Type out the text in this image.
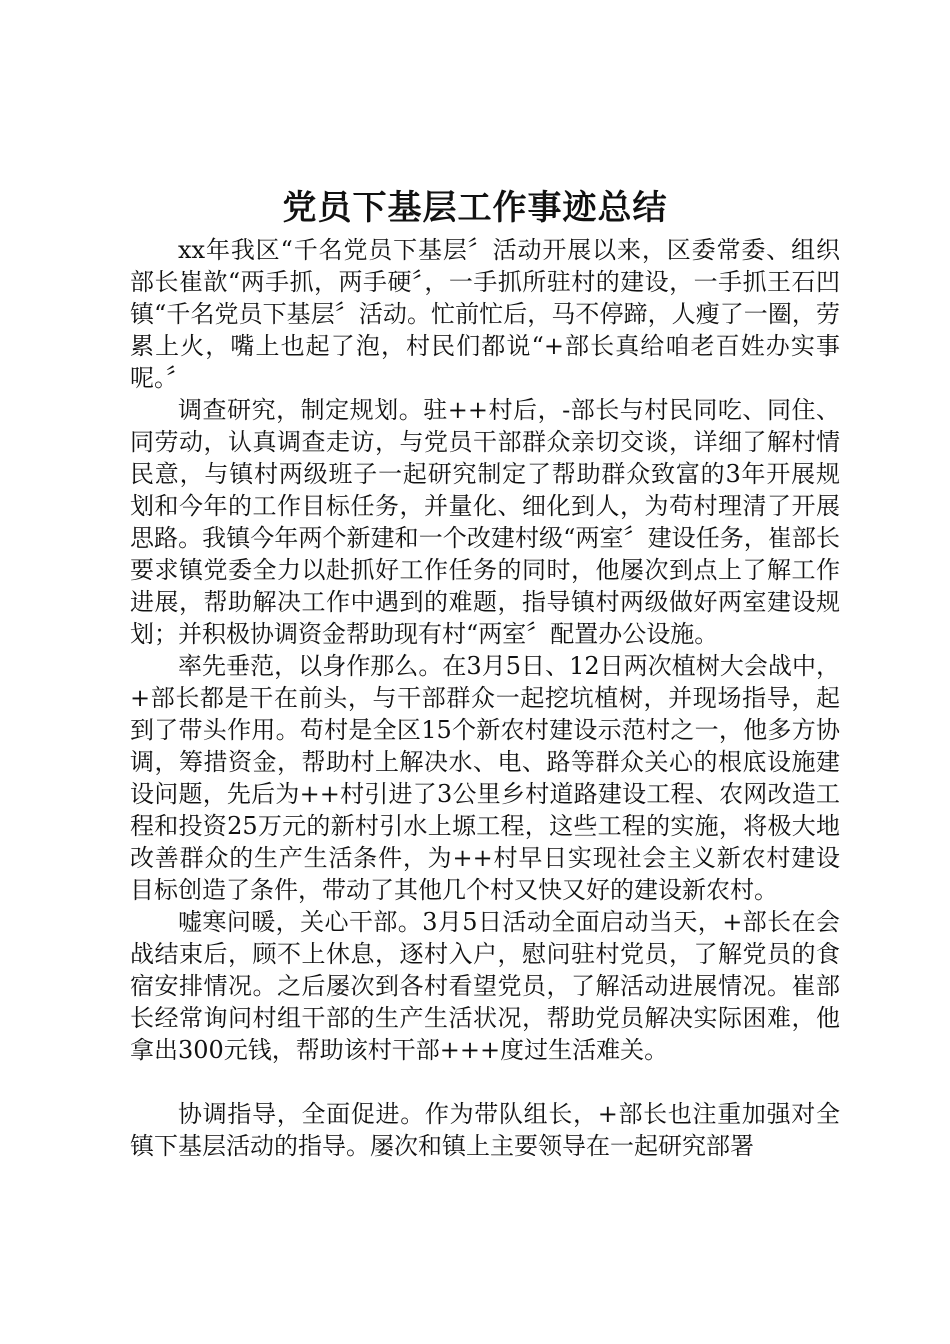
党员下基层工作事迹总结

xx年我区“千名党员下基层〞活动开展以来，区委常委、组织部长崔歆“两手抓，两手硬〞，一手抓所驻村的建设，一手抓王石凹镇“千名党员下基层〞活动。忙前忙后，马不停蹄，人瘦了一圈，劳累上火，嘴上也起了泡，村民们都说“+部长真给咱老百姓办实事呢。〞

调查研究，制定规划。驻++村后，-部长与村民同吃、同住、同劳动，认真调查走访，与党员干部群众亲切交谈，详细了解村情民意，与镇村两级班子一起研究制定了帮助群众致富的3年开展规划和今年的工作目标任务，并量化、细化到人，为苟村理清了开展思路。我镇今年两个新建和一个改建村级“两室〞建设任务，崔部长要求镇党委全力以赴抓好工作任务的同时，他屡次到点上了解工作进展，帮助解决工作中遇到的难题，指导镇村两级做好两室建设规划；并积极协调资金帮助现有村“两室〞配置办公设施。

率先垂范，以身作那么。在3月5日、12日两次植树大会战中，+部长都是干在前头，与干部群众一起挖坑植树，并现场指导，起到了带头作用。苟村是全区15个新农村建设示范村之一，他多方协调，筹措资金，帮助村上解决水、电、路等群众关心的根底设施建设问题，先后为++村引进了3公里乡村道路建设工程、农网改造工程和投资25万元的新村引水上塬工程，这些工程的实施，将极大地改善群众的生产生活条件，为++村早日实现社会主义新农村建设目标创造了条件，带动了其他几个村又快又好的建设新农村。

嘘寒问暖，关心干部。3月5日活动全面启动当天，+部长在会战结束后，顾不上休息，逐村入户，慰问驻村党员，了解党员的食宿安排情况。之后屡次到各村看望党员，了解活动进展情况。崔部长经常询问村组干部的生产生活状况，帮助党员解决实际困难，他拿出300元钱，帮助该村干部+++度过生活难关。

协调指导，全面促进。作为带队组长，+部长也注重加强对全镇下基层活动的指导。屡次和镇上主要领导在一起研究部署
